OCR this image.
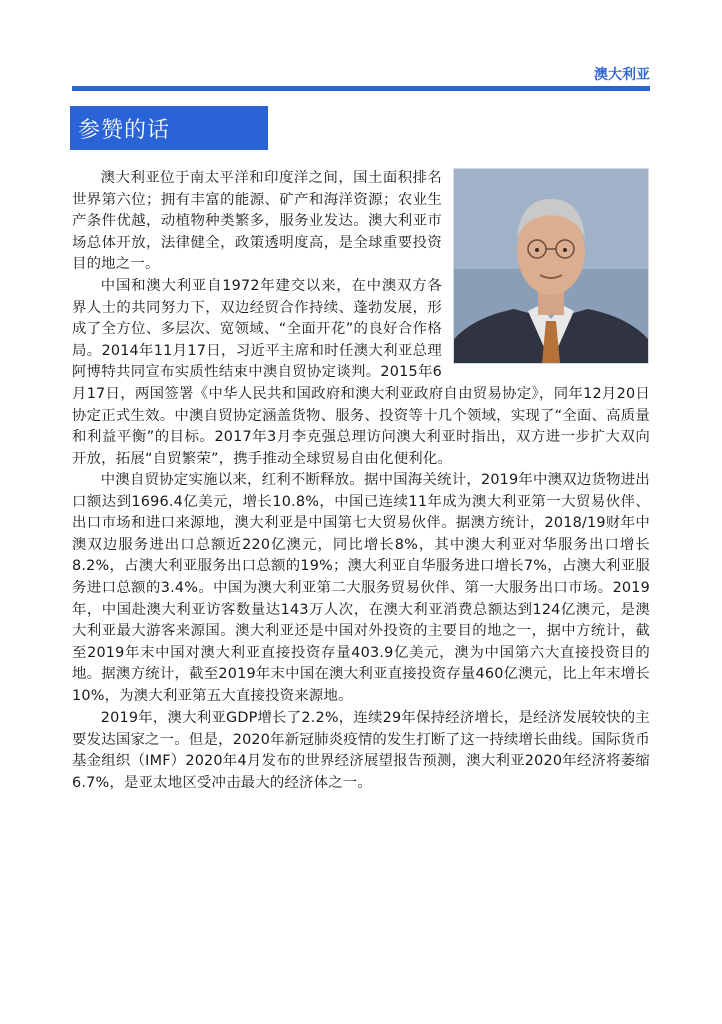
澳大利亚
参赞的话

澳大利亚位于南太平洋和印度洋之间，国土面积排名世界第六位；拥有丰富的能源、矿产和海洋资源；农业生产条件优越，动植物种类繁多，服务业发达。澳大利亚市场总体开放，法律健全，政策透明度高，是全球重要投资目的地之一。

中国和澳大利亚自1972年建交以来，在中澳双方各界人士的共同努力下，双边经贸合作持续、蓬勃发展，形成了全方位、多层次、宽领域、“全面开花”的良好合作格局。2014年11月17日，习近平主席和时任澳大利亚总理阿博特共同宣布实质性结束中澳自贸协定谈判。2015年6月17日，两国签署《中华人民共和国政府和澳大利亚政府自由贸易协定》，同年12月20日协定正式生效。中澳自贸协定涵盖货物、服务、投资等十几个领域，实现了“全面、高质量和利益平衡”的目标。2017年3月李克强总理访问澳大利亚时指出，双方进一步扩大双向开放，拓展“自贸繁荣”，携手推动全球贸易自由化便利化。

中澳自贸协定实施以来，红利不断释放。据中国海关统计，2019年中澳双边货物进出口额达到1696.4亿美元，增长10.8%，中国已连续11年成为澳大利亚第一大贸易伙伴、出口市场和进口来源地，澳大利亚是中国第七大贸易伙伴。据澳方统计，2018/19财年中澳双边服务进出口总额近220亿澳元，同比增长8%，其中澳大利亚对华服务出口增长8.2%，占澳大利亚服务出口总额的19%；澳大利亚自华服务进口增长7%，占澳大利亚服务进口总额的3.4%。中国为澳大利亚第二大服务贸易伙伴、第一大服务出口市场。2019年，中国赴澳大利亚访客数量达143万人次，在澳大利亚消费总额达到124亿澳元，是澳大利亚最大游客来源国。澳大利亚还是中国对外投资的主要目的地之一，据中方统计，截至2019年末中国对澳大利亚直接投资存量403.9亿美元，澳为中国第六大直接投资目的地。据澳方统计，截至2019年末中国在澳大利亚直接投资存量460亿澳元，比上年末增长10%，为澳大利亚第五大直接投资来源地。

2019年，澳大利亚GDP增长了2.2%，连续29年保持经济增长，是经济发展较快的主要发达国家之一。但是，2020年新冠肺炎疫情的发生打断了这一持续增长曲线。国际货币基金组织（IMF）2020年4月发布的世界经济展望报告预测，澳大利亚2020年经济将萎缩6.7%，是亚太地区受冲击最大的经济体之一。
